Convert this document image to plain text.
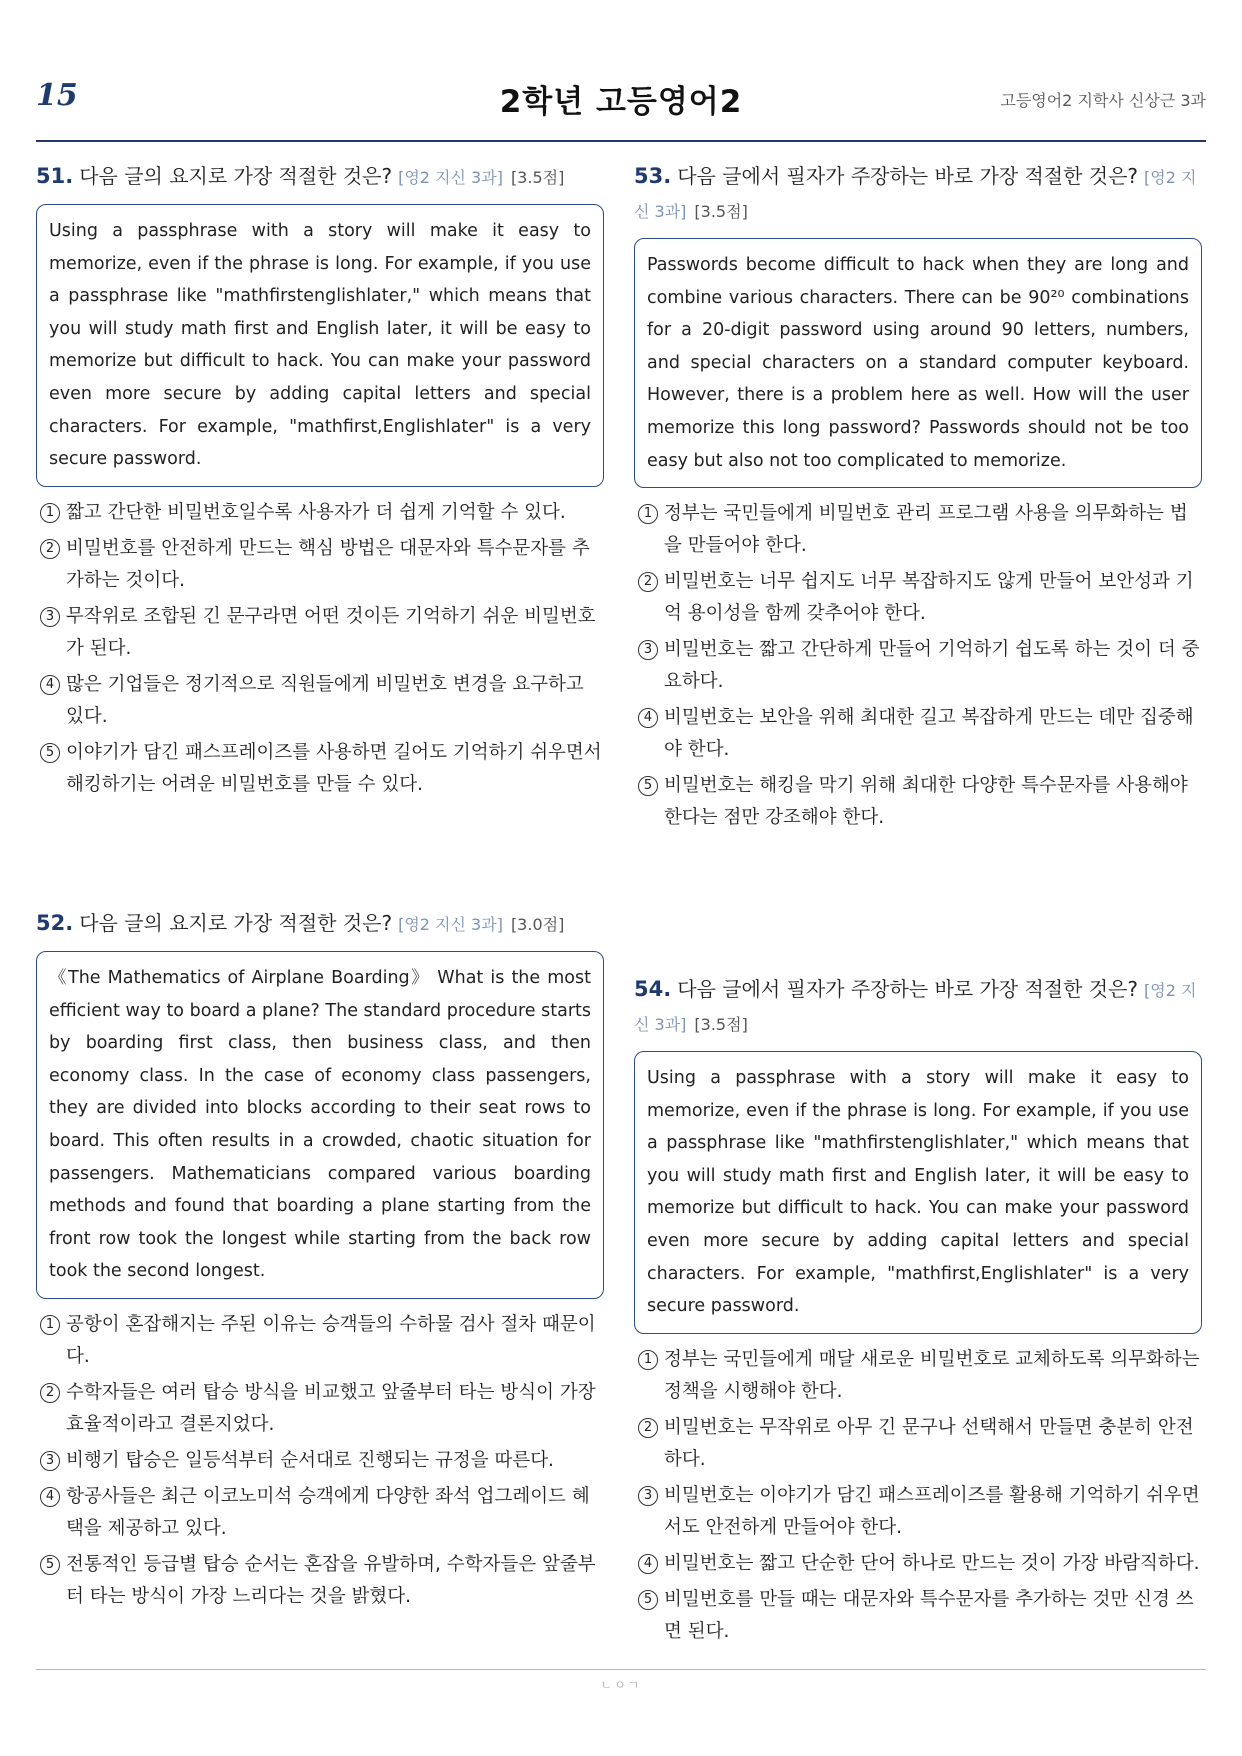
15	2학년 고등영어2	고등영어2 지학사 신상근 3과
51. 다음 글의 요지로 가장 적절한 것은? [영2 지신 3과] [3.5점]
Using a passphrase with a story will make it easy to memorize, even if the phrase is long. For example, if you use a passphrase like "mathfirstenglishlater," which means that you will study math first and English later, it will be easy to memorize but difficult to hack. You can make your password even more secure by adding capital letters and special characters. For example, "mathfirst,Englishlater" is a very secure password.
1 짧고 간단한 비밀번호일수록 사용자가 더 쉽게 기억할 수 있다.
2 비밀번호를 안전하게 만드는 핵심 방법은 대문자와 특수문자를 추가하는 것이다.
3 무작위로 조합된 긴 문구라면 어떤 것이든 기억하기 쉬운 비밀번호가 된다.
4 많은 기업들은 정기적으로 직원들에게 비밀번호 변경을 요구하고 있다.
5 이야기가 담긴 패스프레이즈를 사용하면 길어도 기억하기 쉬우면서 해킹하기는 어려운 비밀번호를 만들 수 있다.
52. 다음 글의 요지로 가장 적절한 것은? [영2 지신 3과] [3.0점]
《The Mathematics of Airplane Boarding》 What is the most efficient way to board a plane? The standard procedure starts by boarding first class, then business class, and then economy class. In the case of economy class passengers, they are divided into blocks according to their seat rows to board. This often results in a crowded, chaotic situation for passengers. Mathematicians compared various boarding methods and found that boarding a plane starting from the front row took the longest while starting from the back row took the second longest.
1 공항이 혼잡해지는 주된 이유는 승객들의 수하물 검사 절차 때문이다.
2 수학자들은 여러 탑승 방식을 비교했고 앞줄부터 타는 방식이 가장 효율적이라고 결론지었다.
3 비행기 탑승은 일등석부터 순서대로 진행되는 규정을 따른다.
4 항공사들은 최근 이코노미석 승객에게 다양한 좌석 업그레이드 혜택을 제공하고 있다.
5 전통적인 등급별 탑승 순서는 혼잡을 유발하며, 수학자들은 앞줄부터 타는 방식이 가장 느리다는 것을 밝혔다.
53. 다음 글에서 필자가 주장하는 바로 가장 적절한 것은? [영2 지신 3과] [3.5점]
Passwords become difficult to hack when they are long and combine various characters. There can be 90²⁰ combinations for a 20-digit password using around 90 letters, numbers, and special characters on a standard computer keyboard. However, there is a problem here as well. How will the user memorize this long password? Passwords should not be too easy but also not too complicated to memorize.
1 정부는 국민들에게 비밀번호 관리 프로그램 사용을 의무화하는 법을 만들어야 한다.
2 비밀번호는 너무 쉽지도 너무 복잡하지도 않게 만들어 보안성과 기억 용이성을 함께 갖추어야 한다.
3 비밀번호는 짧고 간단하게 만들어 기억하기 쉽도록 하는 것이 더 중요하다.
4 비밀번호는 보안을 위해 최대한 길고 복잡하게 만드는 데만 집중해야 한다.
5 비밀번호는 해킹을 막기 위해 최대한 다양한 특수문자를 사용해야 한다는 점만 강조해야 한다.
54. 다음 글에서 필자가 주장하는 바로 가장 적절한 것은? [영2 지신 3과] [3.5점]
Using a passphrase with a story will make it easy to memorize, even if the phrase is long. For example, if you use a passphrase like "mathfirstenglishlater," which means that you will study math first and English later, it will be easy to memorize but difficult to hack. You can make your password even more secure by adding capital letters and special characters. For example, "mathfirst,Englishlater" is a very secure password.
1 정부는 국민들에게 매달 새로운 비밀번호로 교체하도록 의무화하는 정책을 시행해야 한다.
2 비밀번호는 무작위로 아무 긴 문구나 선택해서 만들면 충분히 안전하다.
3 비밀번호는 이야기가 담긴 패스프레이즈를 활용해 기억하기 쉬우면서도 안전하게 만들어야 한다.
4 비밀번호는 짧고 단순한 단어 하나로 만드는 것이 가장 바람직하다.
5 비밀번호를 만들 때는 대문자와 특수문자를 추가하는 것만 신경 쓰면 된다.
ㄴㅇㄱ
